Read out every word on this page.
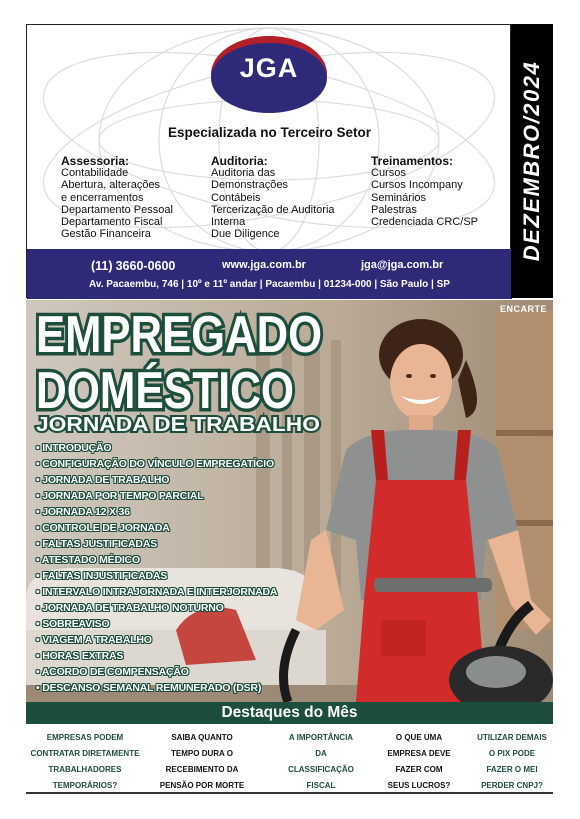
JGA
Especializada no Terceiro Setor
Assessoria:
Contabilidade
Abertura, alterações
e encerramentos
Departamento Pessoal
Departamento Fiscal
Gestão Financeira
Auditoria:
Auditoria das
Demonstrações
Contábeis
Tercerização de Auditoria
Interna
Due Diligence
Treinamentos:
Cursos
Cursos Incompany
Seminários
Palestras
Credenciada CRC/SP
(11) 3660-0600	www.jga.com.br	jga@jga.com.br
Av. Pacaembu, 746 | 10º e 11º andar | Pacaembu | 01234-000 | São Paulo | SP
DEZEMBRO/2024
ENCARTE
EMPREGADO
DOMÉSTICO
JORNADA DE TRABALHO
• INTRODUÇÃO
• CONFIGURAÇÃO DO VÍNCULO EMPREGATÍCIO
• JORNADA DE TRABALHO
• JORNADA POR TEMPO PARCIAL
• JORNADA 12 X 36
• CONTROLE DE JORNADA
• FALTAS JUSTIFICADAS
• ATESTADO MÉDICO
• FALTAS INJUSTIFICADAS
• INTERVALO INTRAJORNADA E INTERJORNADA
• JORNADA DE TRABALHO NOTURNO
• SOBREAVISO
• VIAGEM A TRABALHO
• HORAS EXTRAS
• ACORDO DE COMPENSAÇÃO
• DESCANSO SEMANAL REMUNERADO (DSR)
Destaques do Mês
EMPRESAS PODEM
CONTRATAR DIRETAMENTE
TRABALHADORES
TEMPORÁRIOS?
SAIBA QUANTO
TEMPO DURA O
RECEBIMENTO DA
PENSÃO POR MORTE
A IMPORTÂNCIA
DA
CLASSIFICAÇÃO
FISCAL
O QUE UMA
EMPRESA DEVE
FAZER COM
SEUS LUCROS?
UTILIZAR DEMAIS
O PIX PODE
FAZER O MEI
PERDER CNPJ?
